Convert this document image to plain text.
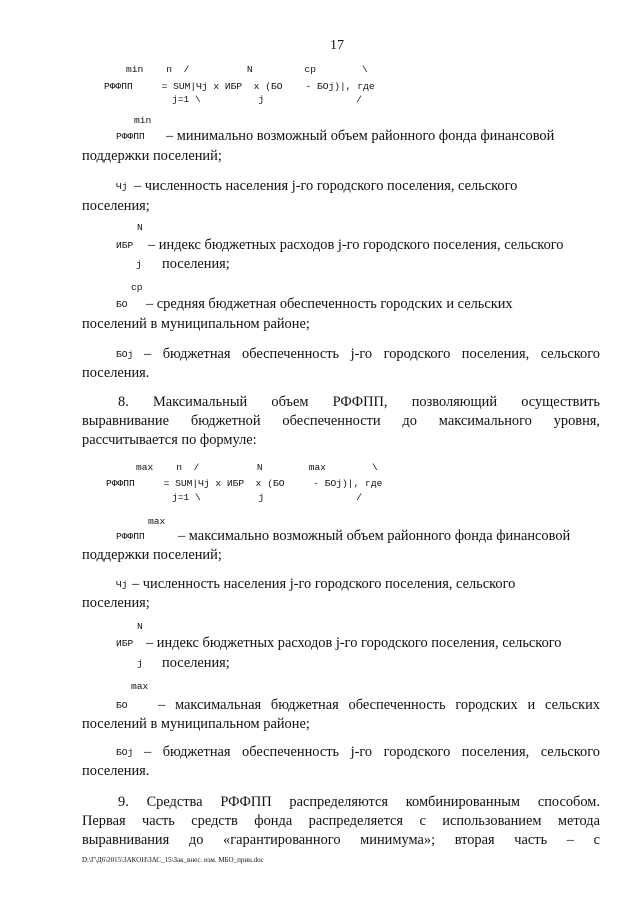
17
min    n  /          N         cp        \
РФФПП     = SUM|Чj x ИБР  x (БО    - БОj)|, где
j=1 \          j                /
min
РФФПП – минимально возможный объем районного фонда финансовой
поддержки поселений;
Чj – численность населения j-го городского поселения, сельского
поселения;
N
ИБР – индекс бюджетных расходов j-го городского поселения, сельского
j поселения;
cp
БО – средняя бюджетная обеспеченность городских и сельских
поселений в муниципальном районе;
БОj – бюджетная обеспеченность j-го городского поселения, сельского
поселения.
8.   Максимальный   объем   РФФПП,   позволяющий   осуществить
выравнивание  бюджетной  обеспеченности  до  максимального  уровня,
рассчитывается по формуле:
max    n  /          N        max        \
РФФПП     = SUM|Чj x ИБР  x (БО     - БОj)|, где
j=1 \          j                /
max
РФФПП – максимально возможный объем районного фонда финансовой
поддержки поселений;
Чj – численность населения j-го городского поселения, сельского
поселения;
N
ИБР – индекс бюджетных расходов j-го городского поселения, сельского
j поселения;
max
БО – максимальная бюджетная обеспеченность городских и сельских
поселений в муниципальном районе;
БОj – бюджетная обеспеченность j-го городского поселения, сельского
поселения.
9.  Средства  РФФПП  распределяются  комбинированным  способом.
Первая  часть  средств  фонда  распределяется  с  использованием  метода
выравнивания  до  «гарантированного  минимума»;  вторая  часть  –  с
D:\Г\Д6\2015\ЗАКОН\ЗАС_15\Зак_внес. изм. МБО_прин.doc
